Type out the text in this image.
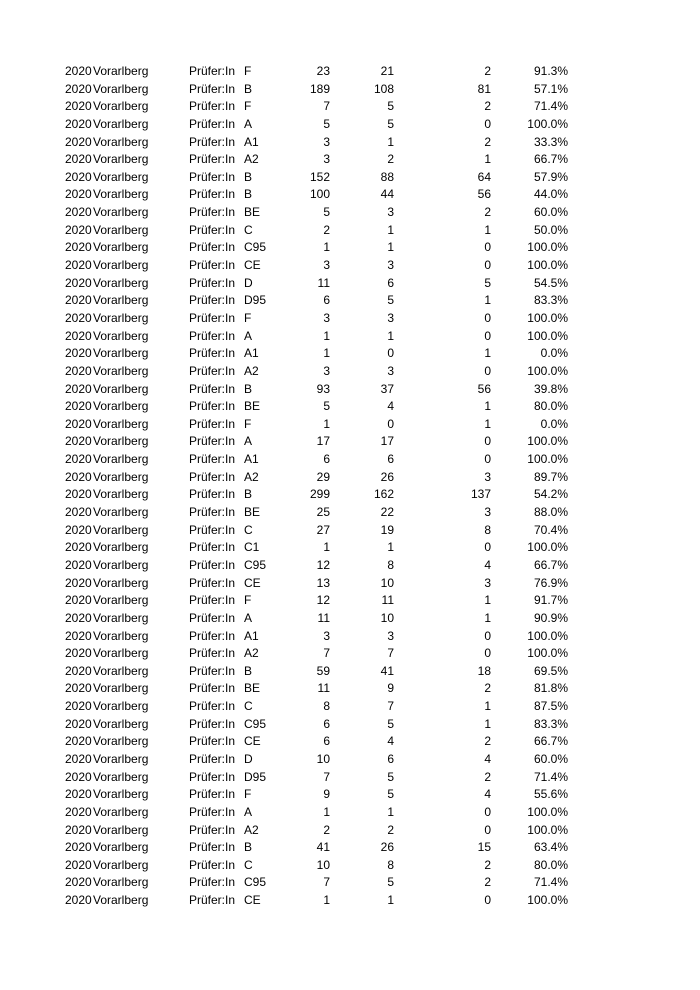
2020 Vorarlberg	Prüfer:In F	23	21	2	91.3%
2020 Vorarlberg	Prüfer:In B	189	108	81	57.1%
2020 Vorarlberg	Prüfer:In F	7	5	2	71.4%
2020 Vorarlberg	Prüfer:In A	5	5	0	100.0%
2020 Vorarlberg	Prüfer:In A1	3	1	2	33.3%
2020 Vorarlberg	Prüfer:In A2	3	2	1	66.7%
2020 Vorarlberg	Prüfer:In B	152	88	64	57.9%
2020 Vorarlberg	Prüfer:In B	100	44	56	44.0%
2020 Vorarlberg	Prüfer:In BE	5	3	2	60.0%
2020 Vorarlberg	Prüfer:In C	2	1	1	50.0%
2020 Vorarlberg	Prüfer:In C95	1	1	0	100.0%
2020 Vorarlberg	Prüfer:In CE	3	3	0	100.0%
2020 Vorarlberg	Prüfer:In D	11	6	5	54.5%
2020 Vorarlberg	Prüfer:In D95	6	5	1	83.3%
2020 Vorarlberg	Prüfer:In F	3	3	0	100.0%
2020 Vorarlberg	Prüfer:In A	1	1	0	100.0%
2020 Vorarlberg	Prüfer:In A1	1	0	1	0.0%
2020 Vorarlberg	Prüfer:In A2	3	3	0	100.0%
2020 Vorarlberg	Prüfer:In B	93	37	56	39.8%
2020 Vorarlberg	Prüfer:In BE	5	4	1	80.0%
2020 Vorarlberg	Prüfer:In F	1	0	1	0.0%
2020 Vorarlberg	Prüfer:In A	17	17	0	100.0%
2020 Vorarlberg	Prüfer:In A1	6	6	0	100.0%
2020 Vorarlberg	Prüfer:In A2	29	26	3	89.7%
2020 Vorarlberg	Prüfer:In B	299	162	137	54.2%
2020 Vorarlberg	Prüfer:In BE	25	22	3	88.0%
2020 Vorarlberg	Prüfer:In C	27	19	8	70.4%
2020 Vorarlberg	Prüfer:In C1	1	1	0	100.0%
2020 Vorarlberg	Prüfer:In C95	12	8	4	66.7%
2020 Vorarlberg	Prüfer:In CE	13	10	3	76.9%
2020 Vorarlberg	Prüfer:In F	12	11	1	91.7%
2020 Vorarlberg	Prüfer:In A	11	10	1	90.9%
2020 Vorarlberg	Prüfer:In A1	3	3	0	100.0%
2020 Vorarlberg	Prüfer:In A2	7	7	0	100.0%
2020 Vorarlberg	Prüfer:In B	59	41	18	69.5%
2020 Vorarlberg	Prüfer:In BE	11	9	2	81.8%
2020 Vorarlberg	Prüfer:In C	8	7	1	87.5%
2020 Vorarlberg	Prüfer:In C95	6	5	1	83.3%
2020 Vorarlberg	Prüfer:In CE	6	4	2	66.7%
2020 Vorarlberg	Prüfer:In D	10	6	4	60.0%
2020 Vorarlberg	Prüfer:In D95	7	5	2	71.4%
2020 Vorarlberg	Prüfer:In F	9	5	4	55.6%
2020 Vorarlberg	Prüfer:In A	1	1	0	100.0%
2020 Vorarlberg	Prüfer:In A2	2	2	0	100.0%
2020 Vorarlberg	Prüfer:In B	41	26	15	63.4%
2020 Vorarlberg	Prüfer:In C	10	8	2	80.0%
2020 Vorarlberg	Prüfer:In C95	7	5	2	71.4%
2020 Vorarlberg	Prüfer:In CE	1	1	0	100.0%
